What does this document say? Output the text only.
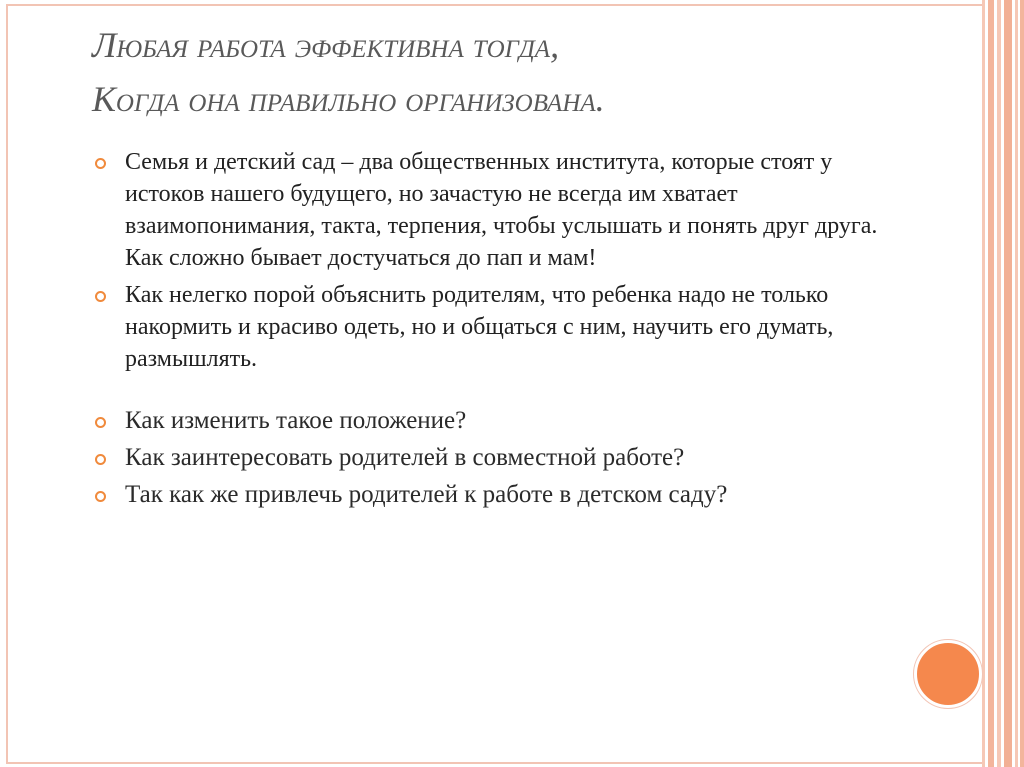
Любая работа эффективна тогда,
Когда она правильно организована.
Семья и детский сад – два общественных института, которые стоят у истоков нашего будущего, но зачастую не всегда им хватает взаимопонимания, такта, терпения, чтобы услышать и понять друг друга. Как сложно бывает достучаться до пап и мам!
Как нелегко порой объяснить родителям, что ребенка надо не только накормить и красиво одеть, но и общаться с ним, научить его думать, размышлять.
Как изменить такое положение?
Как заинтересовать родителей в совместной работе?
Так как же привлечь родителей к работе в детском саду?
